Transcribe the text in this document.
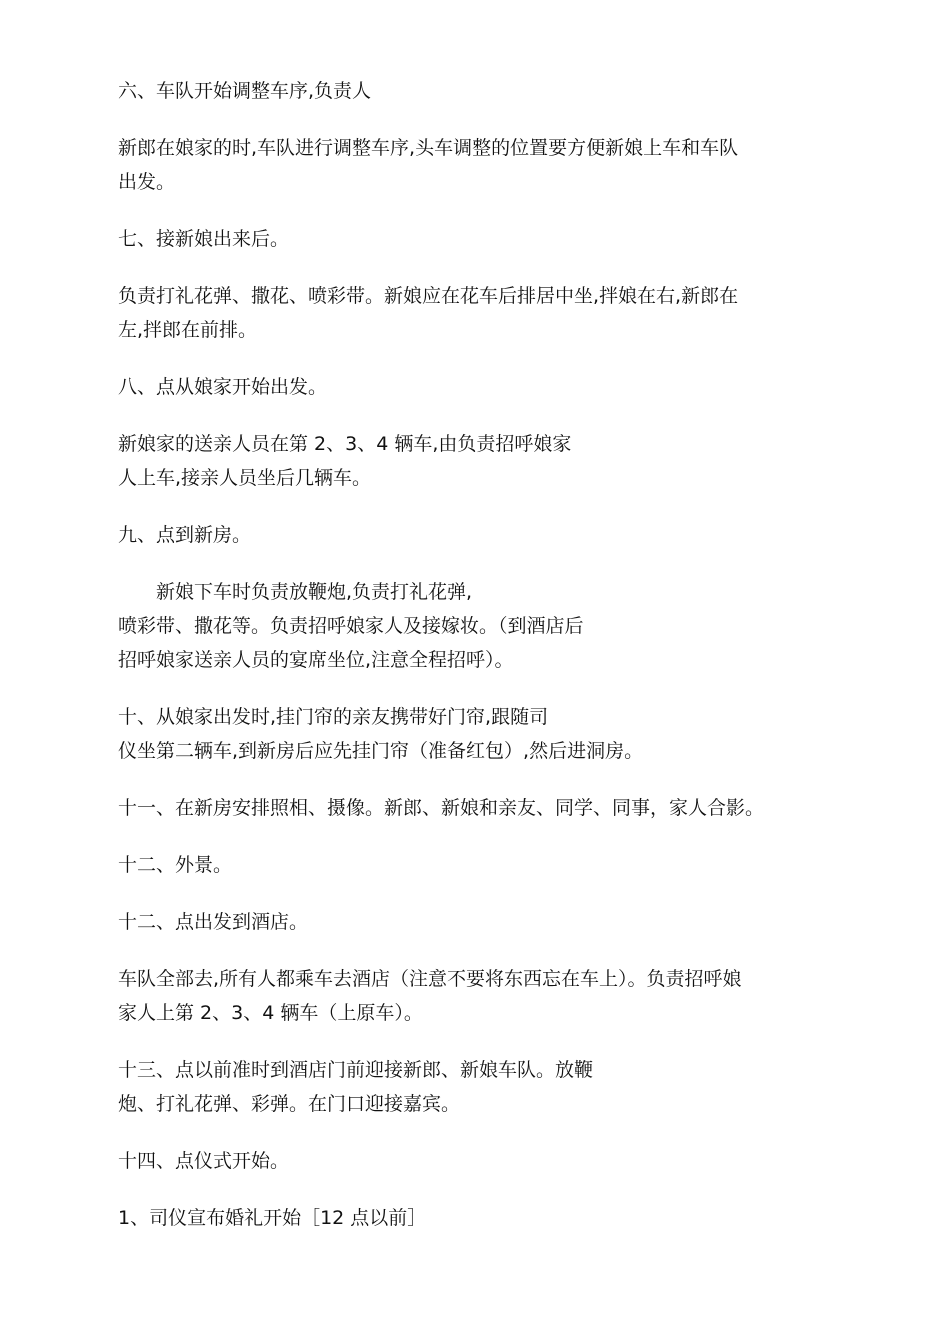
六、车队开始调整车序,负责人

新郎在娘家的时,车队进行调整车序,头车调整的位置要方便新娘上车和车队
出发。

七、接新娘出来后。

负责打礼花弹、撒花、喷彩带。新娘应在花车后排居中坐,拌娘在右,新郎在
左,拌郎在前排。

八、点从娘家开始出发。

新娘家的送亲人员在第 2、3、4 辆车,由负责招呼娘家
人上车,接亲人员坐后几辆车。

九、点到新房。

新娘下车时负责放鞭炮,负责打礼花弹,
喷彩带、撒花等。负责招呼娘家人及接嫁妆。（到酒店后
招呼娘家送亲人员的宴席坐位,注意全程招呼）。

十、从娘家出发时,挂门帘的亲友携带好门帘,跟随司
仪坐第二辆车,到新房后应先挂门帘（准备红包）,然后进洞房。

十一、在新房安排照相、摄像。新郎、新娘和亲友、同学、同事，家人合影。

十二、外景。

十二、点出发到酒店。

车队全部去,所有人都乘车去酒店（注意不要将东西忘在车上）。负责招呼娘
家人上第 2、3、4 辆车（上原车）。

十三、点以前准时到酒店门前迎接新郎、新娘车队。放鞭
炮、打礼花弹、彩弹。在门口迎接嘉宾。

十四、点仪式开始。

1、司仪宣布婚礼开始［12 点以前］
